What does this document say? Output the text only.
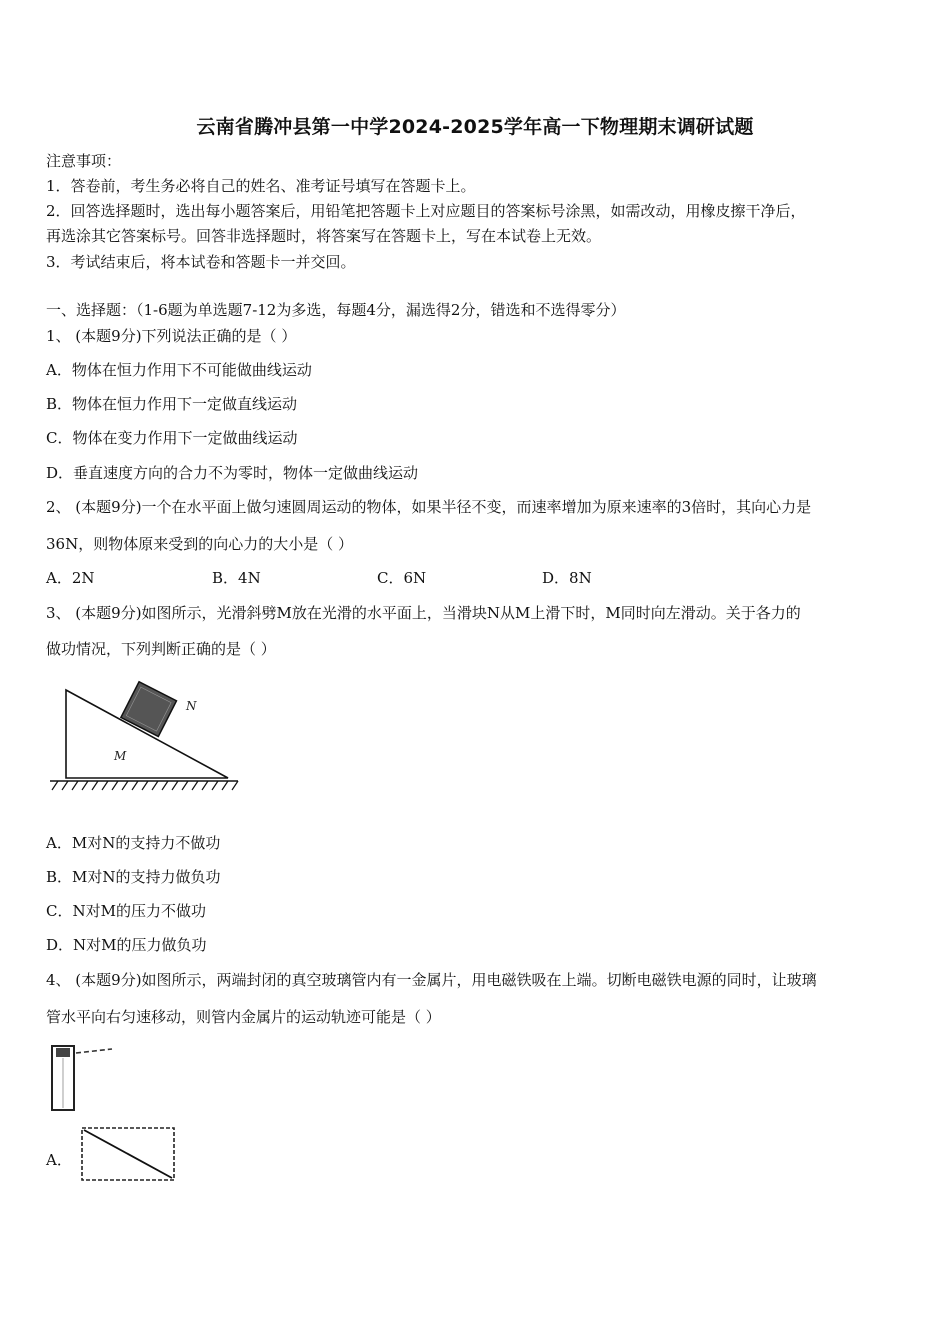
云南省腾冲县第一中学2024-2025学年高一下物理期末调研试题
注意事项：
1．答卷前，考生务必将自己的姓名、准考证号填写在答题卡上。
2．回答选择题时，选出每小题答案后，用铅笔把答题卡上对应题目的答案标号涂黑，如需改动，用橡皮擦干净后，
再选涂其它答案标号。回答非选择题时，将答案写在答题卡上，写在本试卷上无效。
3．考试结束后，将本试卷和答题卡一并交回。
一、选择题：（1-6题为单选题7-12为多选，每题4分，漏选得2分，错选和不选得零分）
1、 (本题9分)下列说法正确的是（ ）
A．物体在恒力作用下不可能做曲线运动
B．物体在恒力作用下一定做直线运动
C．物体在变力作用下一定做曲线运动
D．垂直速度方向的合力不为零时，物体一定做曲线运动
2、 (本题9分)一个在水平面上做匀速圆周运动的物体，如果半径不变，而速率增加为原来速率的3倍时，其向心力是
36N，则物体原来受到的向心力的大小是（ ）
A．2N	B．4N	C．6N	D．8N
3、 (本题9分)如图所示，光滑斜劈M放在光滑的水平面上，当滑块N从M上滑下时，M同时向左滑动。关于各力的
做功情况，下列判断正确的是（ ）
N
M
A．M对N的支持力不做功
B．M对N的支持力做负功
C．N对M的压力不做功
D．N对M的压力做负功
4、 (本题9分)如图所示，两端封闭的真空玻璃管内有一金属片，用电磁铁吸在上端。切断电磁铁电源的同时，让玻璃
管水平向右匀速移动，则管内金属片的运动轨迹可能是（ ）
A．
